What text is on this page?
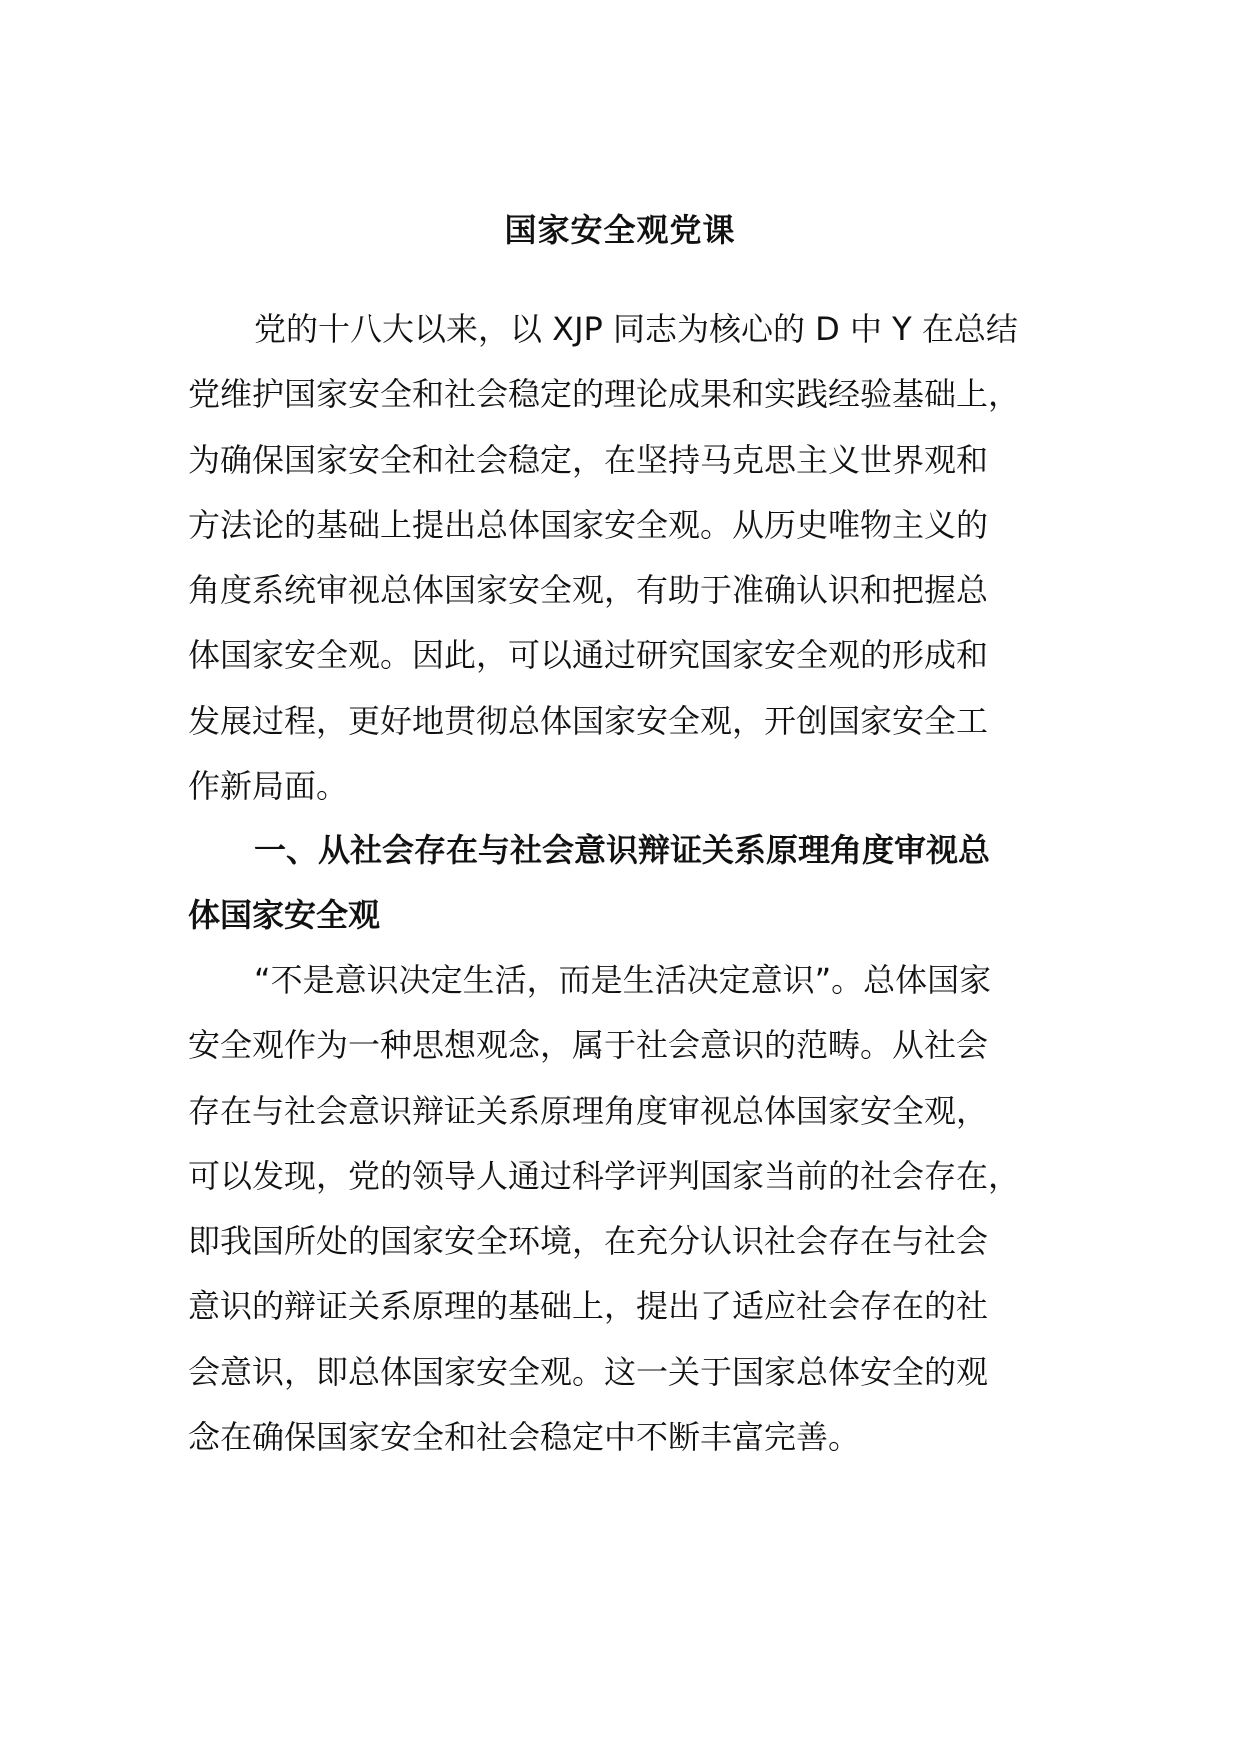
国家安全观党课
党的十八大以来，以 XJP 同志为核心的 D 中 Y 在总结
党维护国家安全和社会稳定的理论成果和实践经验基础上，
为确保国家安全和社会稳定，在坚持马克思主义世界观和
方法论的基础上提出总体国家安全观。从历史唯物主义的
角度系统审视总体国家安全观，有助于准确认识和把握总
体国家安全观。因此，可以通过研究国家安全观的形成和
发展过程，更好地贯彻总体国家安全观，开创国家安全工
作新局面。
一、从社会存在与社会意识辩证关系原理角度审视总
体国家安全观
“不是意识决定生活，而是生活决定意识”。总体国家
安全观作为一种思想观念，属于社会意识的范畴。从社会
存在与社会意识辩证关系原理角度审视总体国家安全观，
可以发现，党的领导人通过科学评判国家当前的社会存在，
即我国所处的国家安全环境，在充分认识社会存在与社会
意识的辩证关系原理的基础上，提出了适应社会存在的社
会意识，即总体国家安全观。这一关于国家总体安全的观
念在确保国家安全和社会稳定中不断丰富完善。
